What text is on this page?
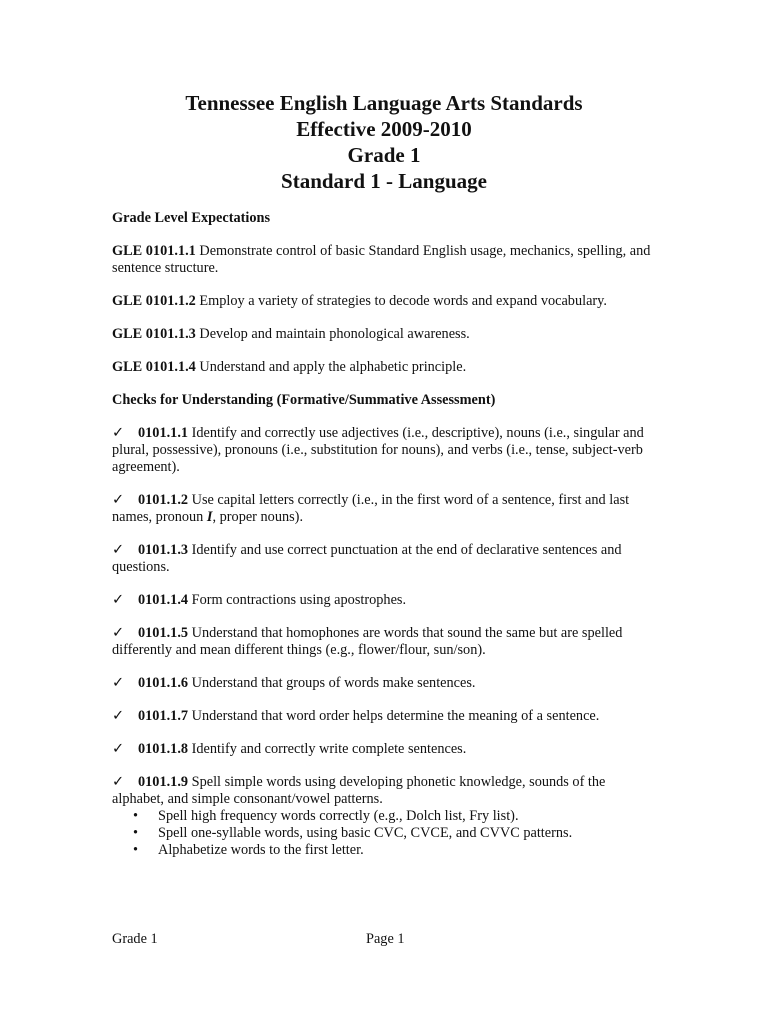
Tennessee English Language Arts Standards
Effective 2009-2010
Grade 1
Standard 1 - Language

Grade Level Expectations

GLE 0101.1.1 Demonstrate control of basic Standard English usage, mechanics, spelling, and sentence structure.

GLE 0101.1.2 Employ a variety of strategies to decode words and expand vocabulary.

GLE 0101.1.3 Develop and maintain phonological awareness.

GLE 0101.1.4 Understand and apply the alphabetic principle.

Checks for Understanding (Formative/Summative Assessment)

✓ 0101.1.1 Identify and correctly use adjectives (i.e., descriptive), nouns (i.e., singular and plural, possessive), pronouns (i.e., substitution for nouns), and verbs (i.e., tense, subject-verb agreement).

✓ 0101.1.2 Use capital letters correctly (i.e., in the first word of a sentence, first and last names, pronoun I, proper nouns).

✓ 0101.1.3 Identify and use correct punctuation at the end of declarative sentences and questions.

✓ 0101.1.4 Form contractions using apostrophes.

✓ 0101.1.5 Understand that homophones are words that sound the same but are spelled differently and mean different things (e.g., flower/flour, sun/son).

✓ 0101.1.6 Understand that groups of words make sentences.

✓ 0101.1.7 Understand that word order helps determine the meaning of a sentence.

✓ 0101.1.8 Identify and correctly write complete sentences.

✓ 0101.1.9 Spell simple words using developing phonetic knowledge, sounds of the alphabet, and simple consonant/vowel patterns.

• Spell high frequency words correctly (e.g., Dolch list, Fry list).
• Spell one-syllable words, using basic CVC, CVCE, and CVVC patterns.
• Alphabetize words to the first letter.
Grade 1	Page 1
